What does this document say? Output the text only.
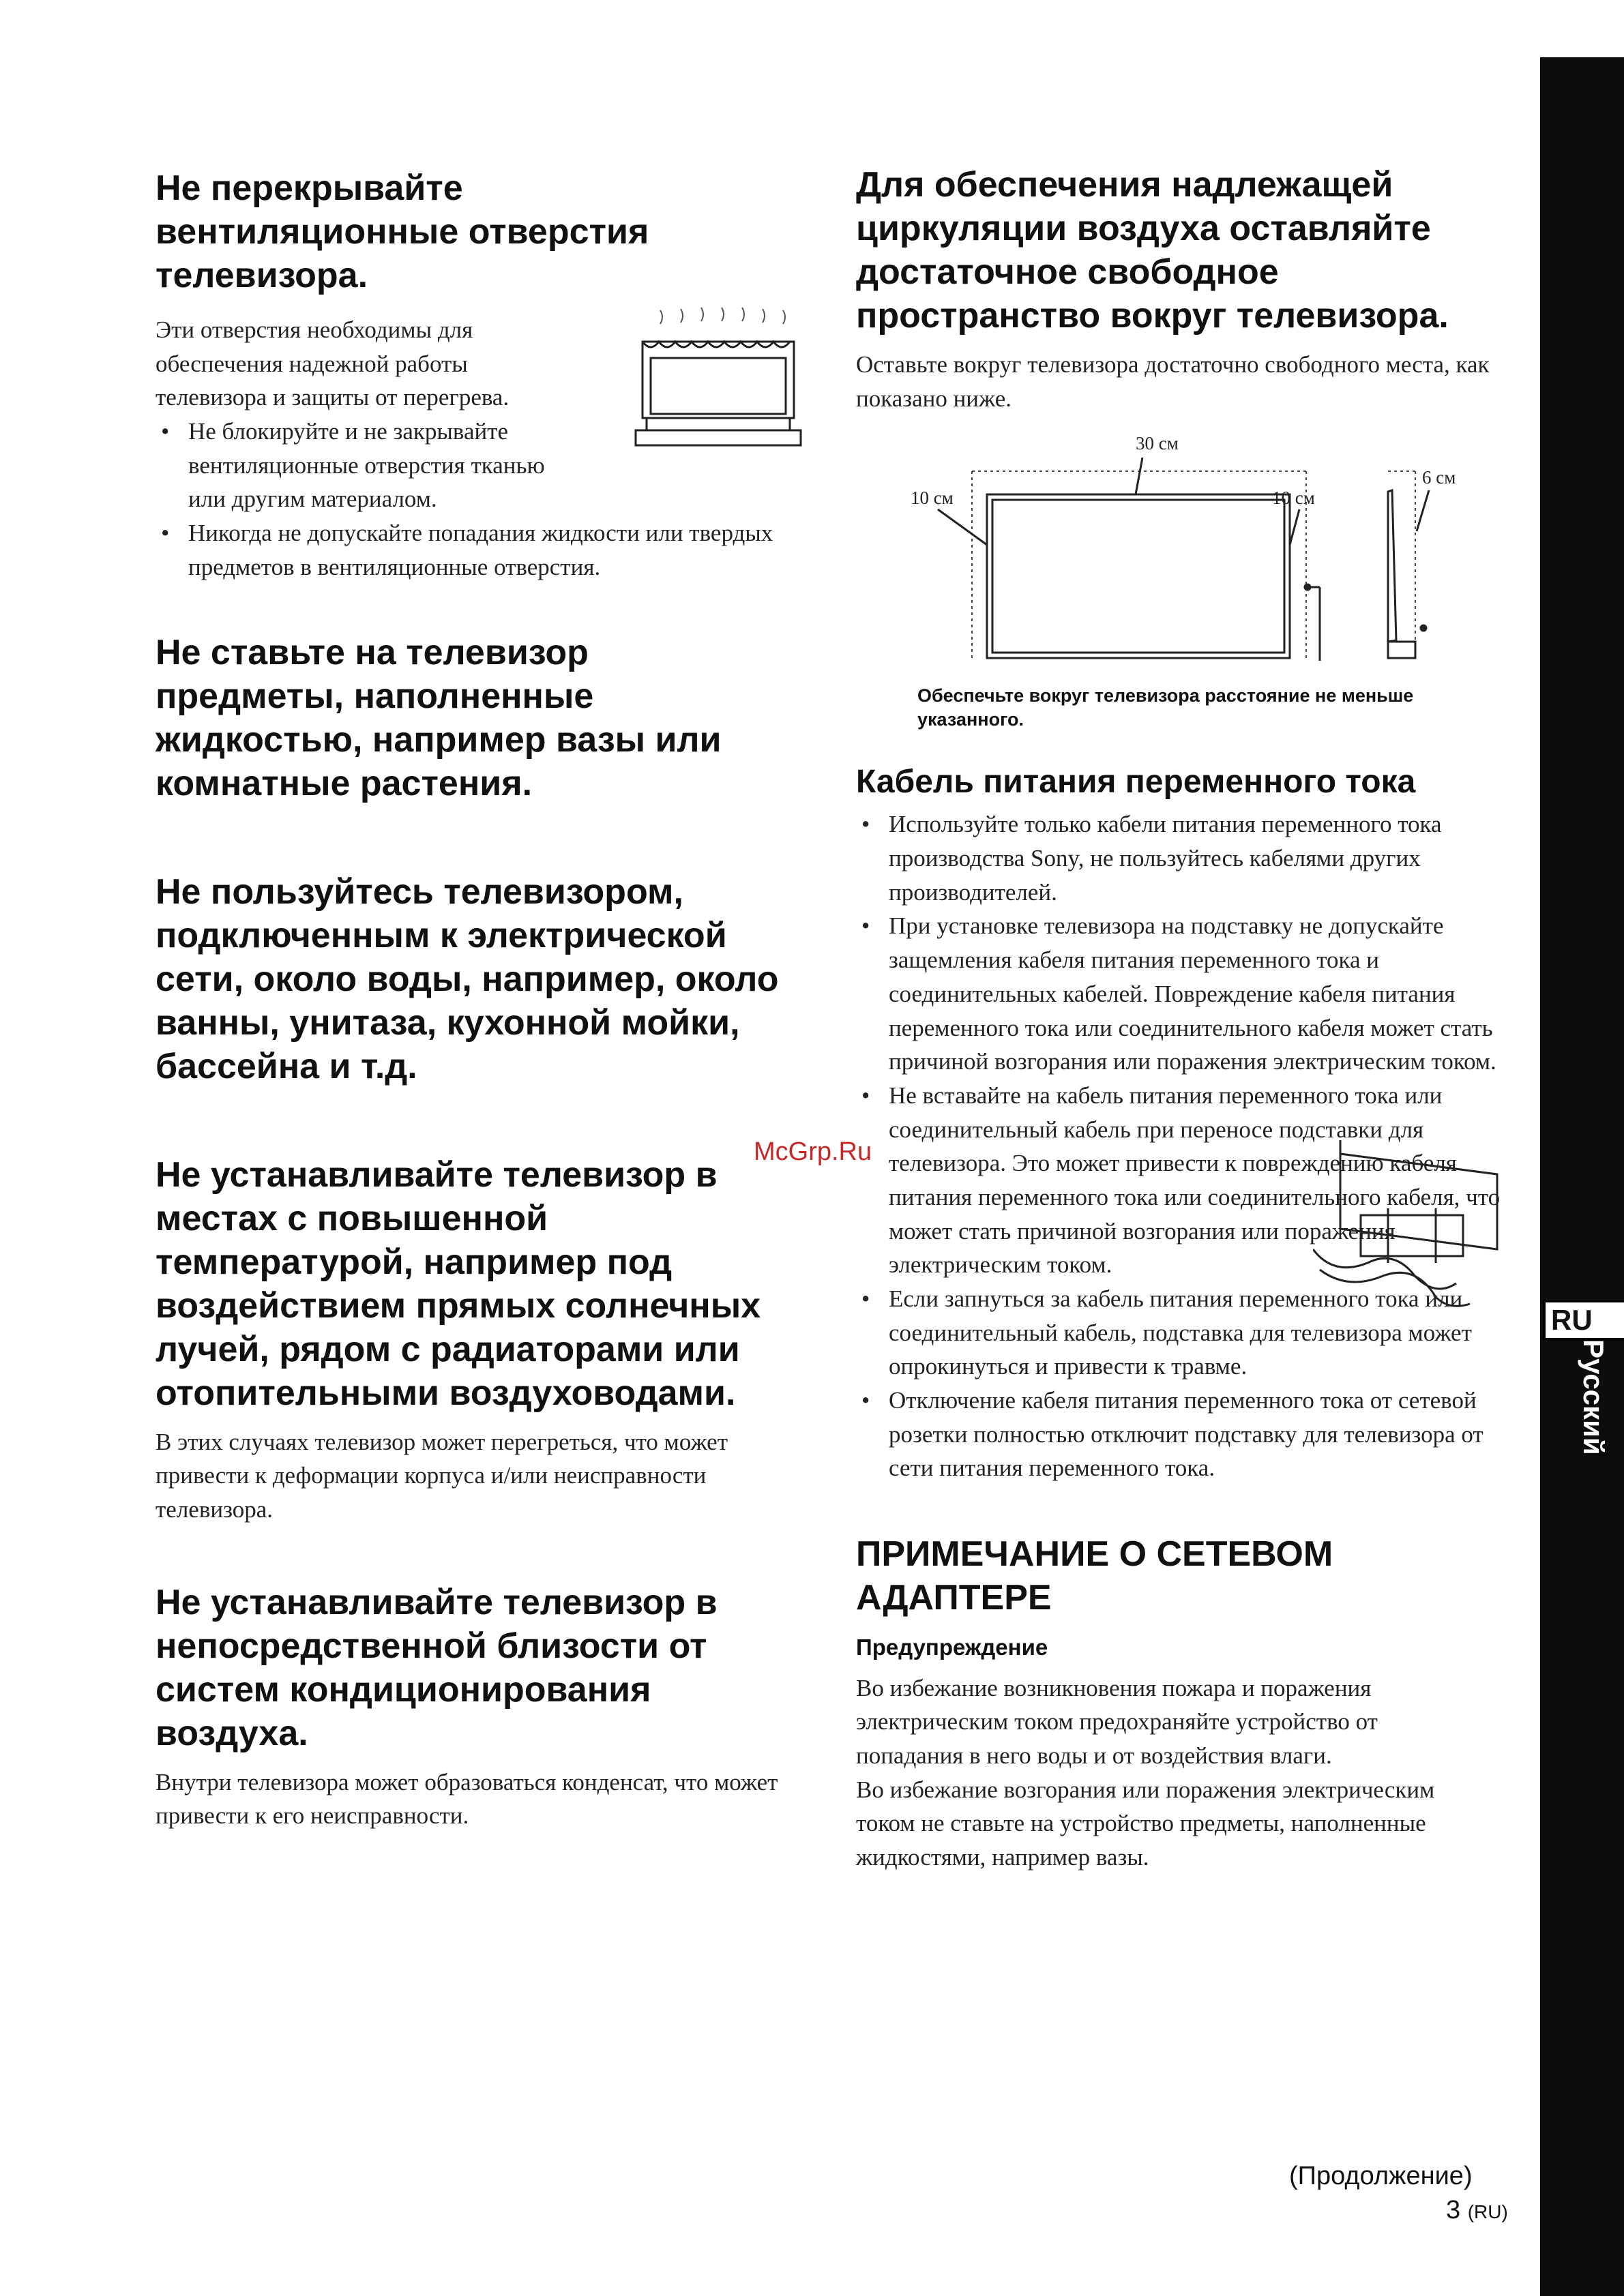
Не перекрывайте вентиляционные отверстия телевизора.

Эти отверстия необходимы для обеспечения надежной работы телевизора и защиты от перегрева.

• Не блокируйте и не закрывайте вентиляционные отверстия тканью или другим материалом.
• Никогда не допускайте попадания жидкости или твердых предметов в вентиляционные отверстия.
Не ставьте на телевизор предметы, наполненные жидкостью, например вазы или комнатные растения.
Не пользуйтесь телевизором, подключенным к электрической сети, около воды, например, около ванны, унитаза, кухонной мойки, бассейна и т.д.
Не устанавливайте телевизор в местах с повышенной температурой, например под воздействием прямых солнечных лучей, рядом с радиаторами или отопительными воздуховодами.

В этих случаях телевизор может перегреться, что может привести к деформации корпуса и/или неисправности телевизора.

Не устанавливайте телевизор в непосредственной близости от систем кондиционирования воздуха.

Внутри телевизора может образоваться конденсат, что может привести к его неисправности.

Для обеспечения надлежащей циркуляции воздуха оставляйте достаточное свободное пространство вокруг телевизора.

Оставьте вокруг телевизора достаточно свободного места, как показано ниже.

30 см
10 см	10 см
6 см

Обеспечьте вокруг телевизора расстояние не меньше указанного.

Кабель питания переменного тока
• Используйте только кабели питания переменного тока производства Sony, не пользуйтесь кабелями других производителей.
• При установке телевизора на подставку не допускайте защемления кабеля питания переменного тока и соединительных кабелей. Повреждение кабеля питания переменного тока или соединительного кабеля может стать причиной возгорания или поражения электрическим током.
• Не вставайте на кабель питания переменного тока или соединительный кабель при переносе подставки для телевизора. Это может привести к повреждению кабеля питания переменного тока или соединительного кабеля, что может стать причиной возгорания или поражения электрическим током.
• Если запнуться за кабель питания переменного тока или соединительный кабель, подставка для телевизора может опрокинуться и привести к травме.
• Отключение кабеля питания переменного тока от сетевой розетки полностью отключит подставку для телевизора от сети питания переменного тока.
ПРИМЕЧАНИЕ О СЕТЕВОМ АДАПТЕРЕ

Предупреждение

Во избежание возникновения пожара и поражения электрическим током предохраняйте устройство от попадания в него воды и от воздействия влаги.

Во избежание возгорания или поражения электрическим током не ставьте на устройство предметы, наполненные жидкостями, например вазы.

McGrp.Ru
RU
Русский
(Продолжение)
3 (RU)
